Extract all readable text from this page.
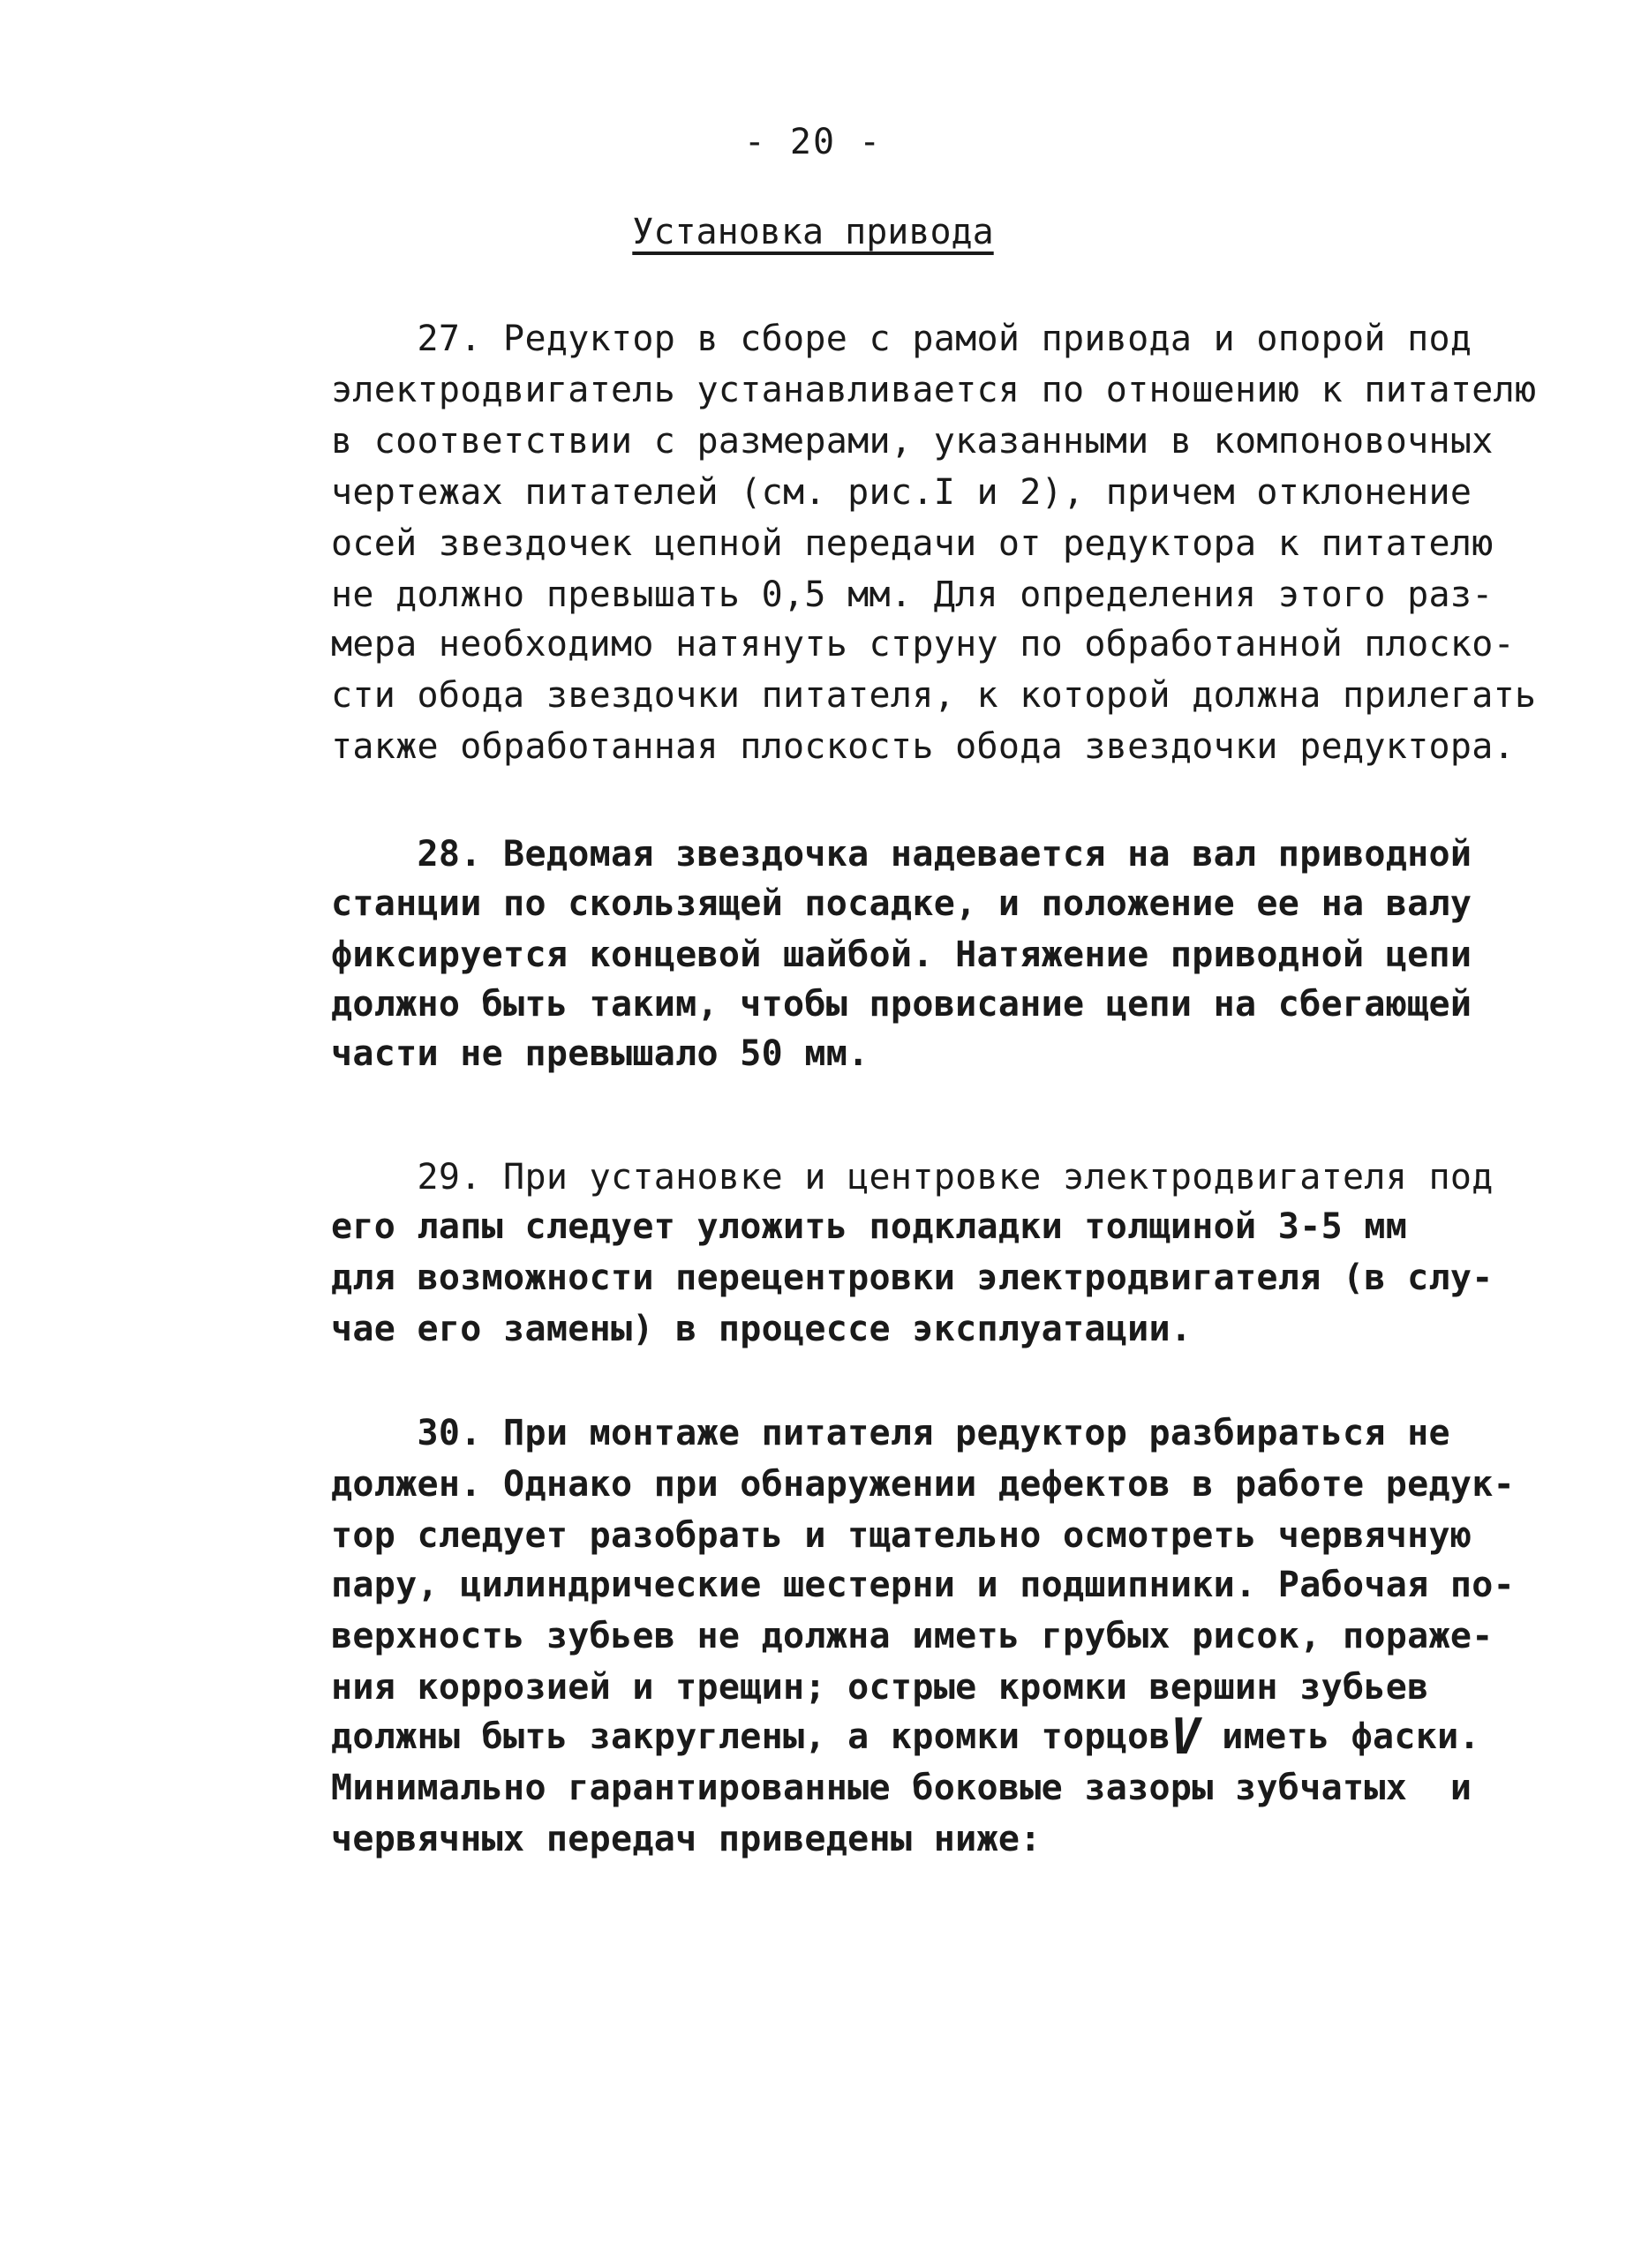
- 20 -
Установка привода
27. Редуктор в сборе с рамой привода и опорой под
электродвигатель устанавливается по отношению к питателю
в соответствии с размерами, указанными в компоновочных
чертежах питателей (см. рис.I и 2), причем отклонение
осей звездочек цепной передачи от редуктора к питателю
не должно превышать 0,5 мм. Для определения этого раз-
мера необходимо натянуть струну по обработанной плоско-
сти обода звездочки питателя, к которой должна прилегать
также обработанная плоскость обода звездочки редуктора.
28. Ведомая звездочка надевается на вал приводной
станции по скользящей посадке, и положение ее на валу
фиксируется концевой шайбой. Натяжение приводной цепи
должно быть таким, чтобы провисание цепи на сбегающей
части не превышало 50 мм.
29. При установке и центровке электродвигателя под
его лапы следует уложить подкладки толщиной 3-5 мм
для возможности перецентровки электродвигателя (в слу-
чае его замены) в процессе эксплуатации.
30. При монтаже питателя редуктор разбираться не
должен. Однако при обнаружении дефектов в работе редук-
тор следует разобрать и тщательно осмотреть червячную
пару, цилиндрические шестерни и подшипники. Рабочая по-
верхность зубьев не должна иметь грубых рисок, пораже-
ния коррозией и трещин; острые кромки вершин зубьев
должны быть закруглены, а кромки торцовV иметь фаски.
Минимально гарантированные боковые зазоры зубчатых  и
червячных передач приведены ниже:
